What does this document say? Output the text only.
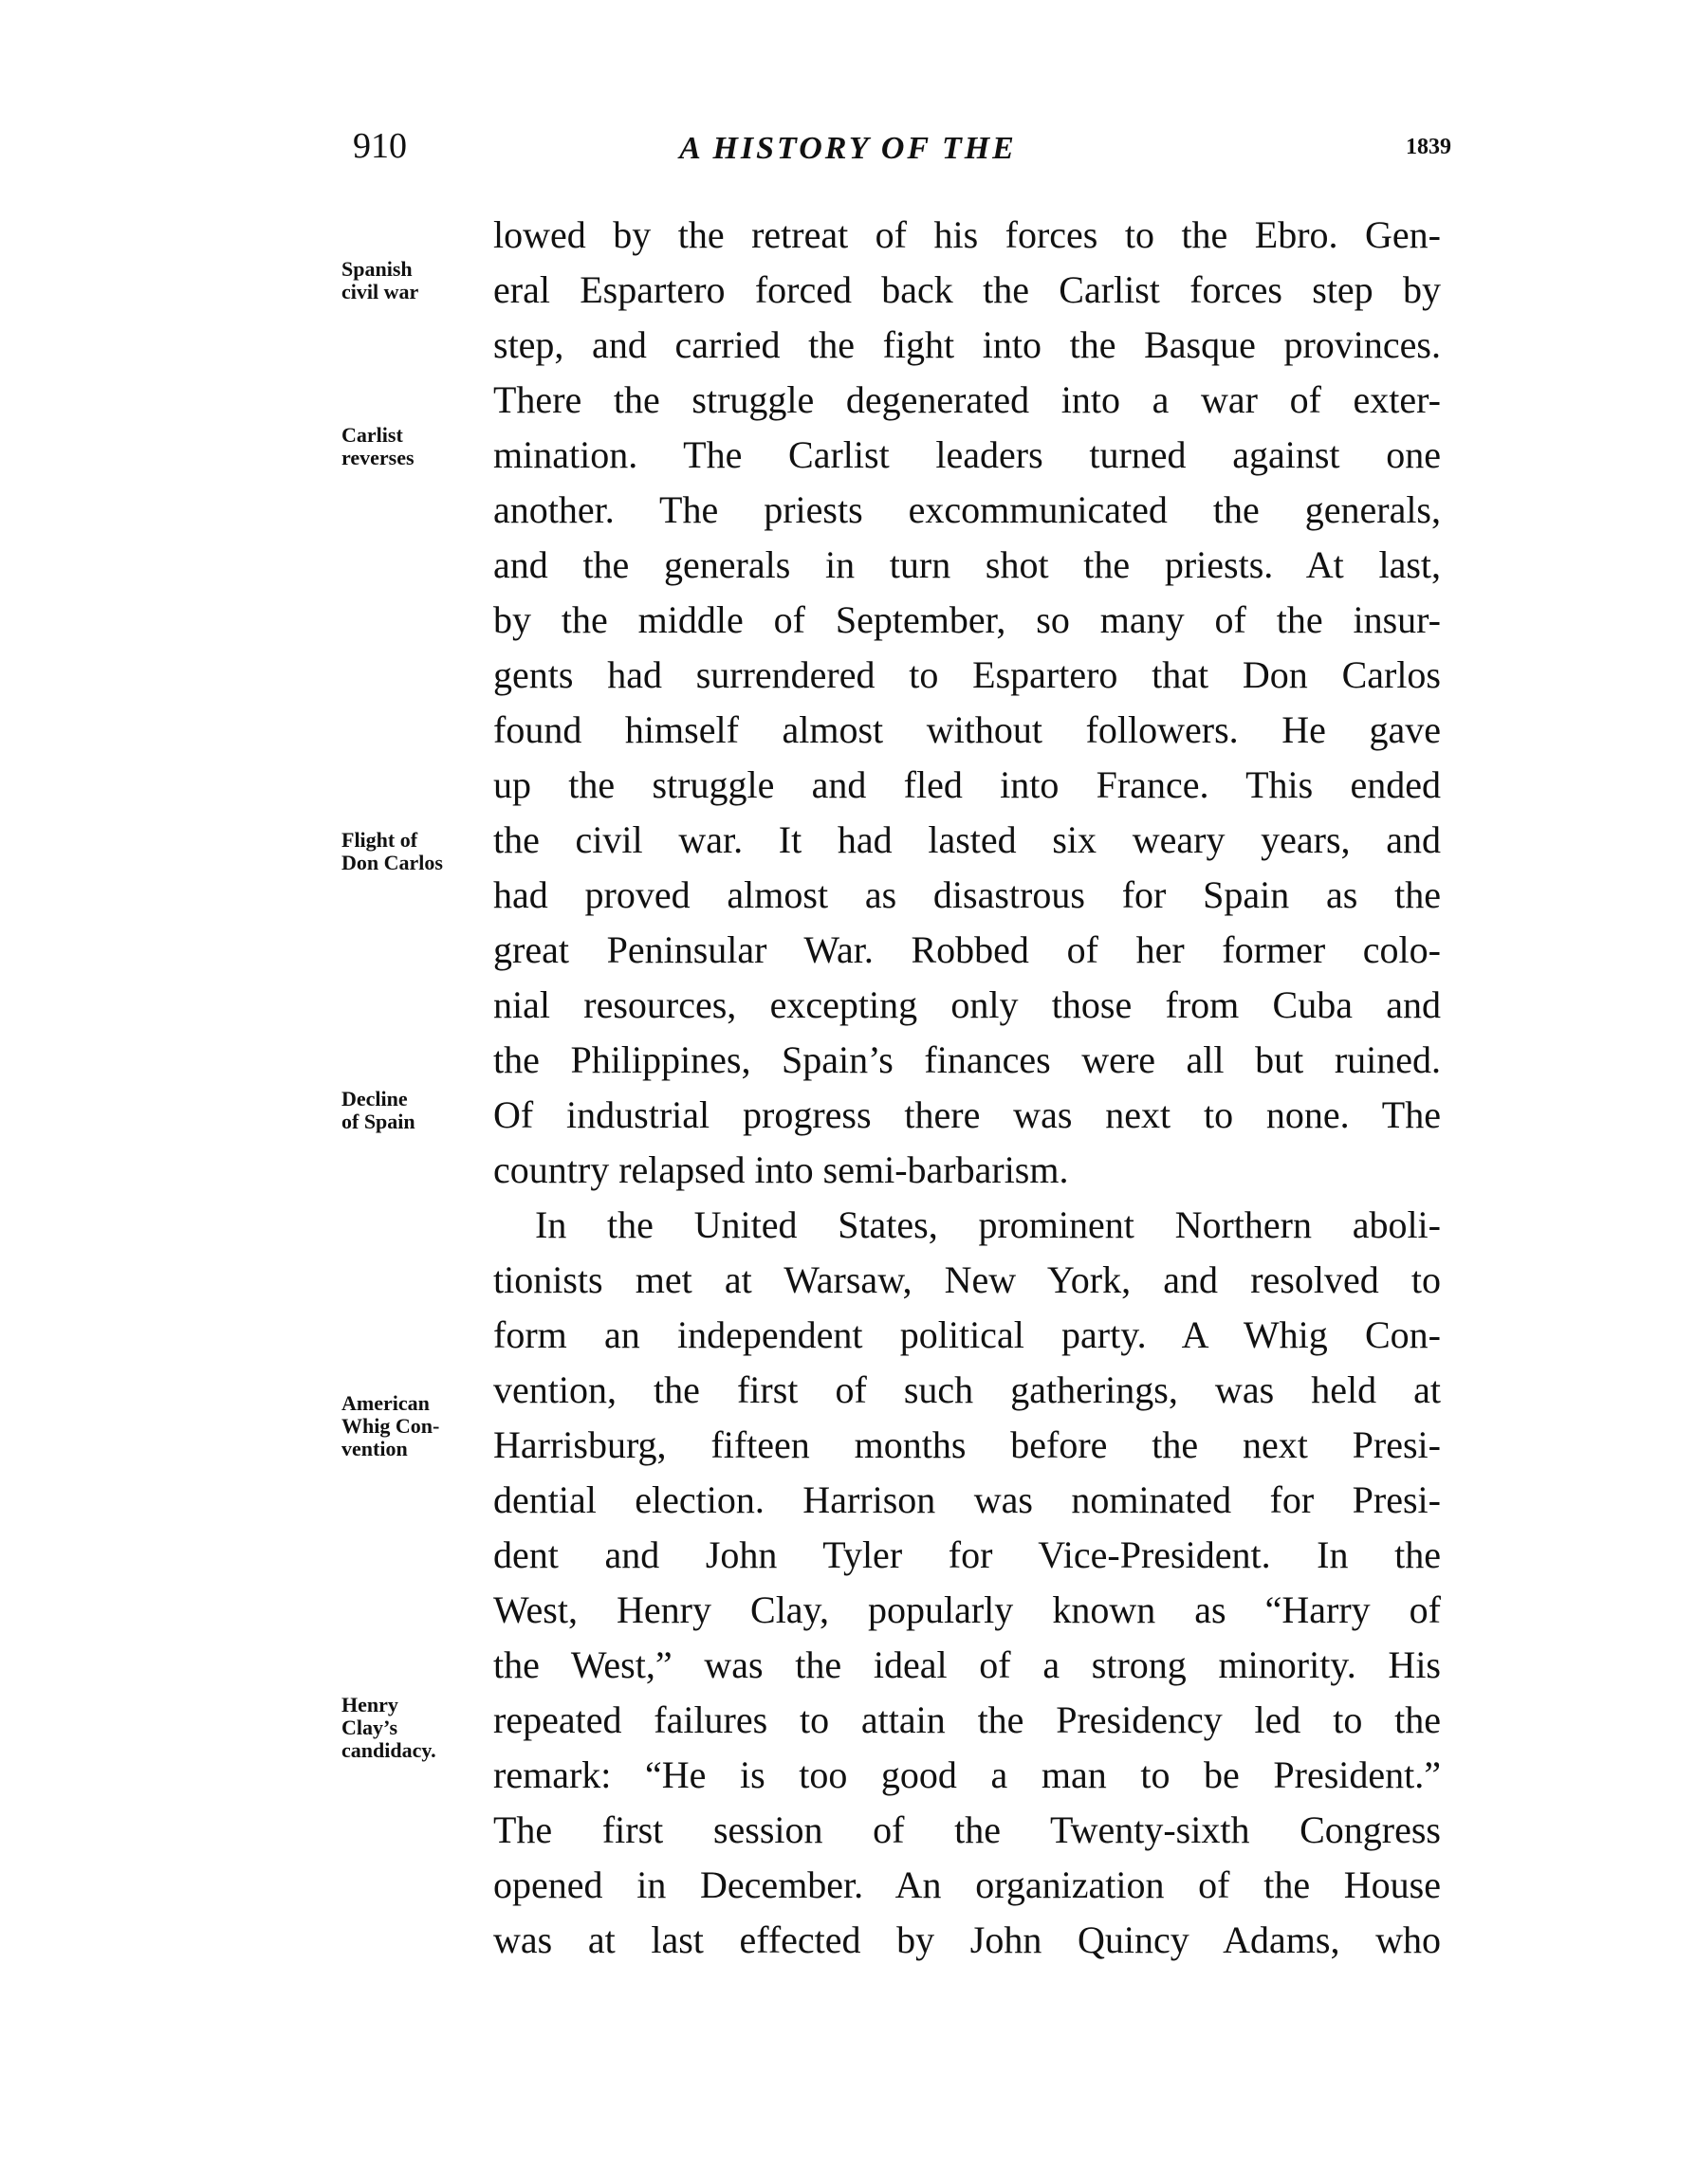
910	A HISTORY OF THE	1839
lowed by the retreat of his forces to the Ebro. Gen-
eral Espartero forced back the Carlist forces step by
step, and carried the fight into the Basque provinces.
There the struggle degenerated into a war of exter-
mination. The Carlist leaders turned against one
another. The priests excommunicated the generals,
and the generals in turn shot the priests. At last,
by the middle of September, so many of the insur-
gents had surrendered to Espartero that Don Carlos
found himself almost without followers. He gave
up the struggle and fled into France. This ended
the civil war. It had lasted six weary years, and
had proved almost as disastrous for Spain as the
great Peninsular War. Robbed of her former colo-
nial resources, excepting only those from Cuba and
the Philippines, Spain’s finances were all but ruined.
Of industrial progress there was next to none. The
country relapsed into semi-barbarism.
In the United States, prominent Northern aboli-
tionists met at Warsaw, New York, and resolved to
form an independent political party. A Whig Con-
vention, the first of such gatherings, was held at
Harrisburg, fifteen months before the next Presi-
dential election. Harrison was nominated for Presi-
dent and John Tyler for Vice-President. In the
West, Henry Clay, popularly known as “Harry of
the West,” was the ideal of a strong minority. His
repeated failures to attain the Presidency led to the
remark: “He is too good a man to be President.”
The first session of the Twenty-sixth Congress
opened in December. An organization of the House
was at last effected by John Quincy Adams, who
Spanish
civil war
Carlist
reverses
Flight of
Don Carlos
Decline
of Spain
American
Whig Con-
vention
Henry
Clay’s
candidacy.
